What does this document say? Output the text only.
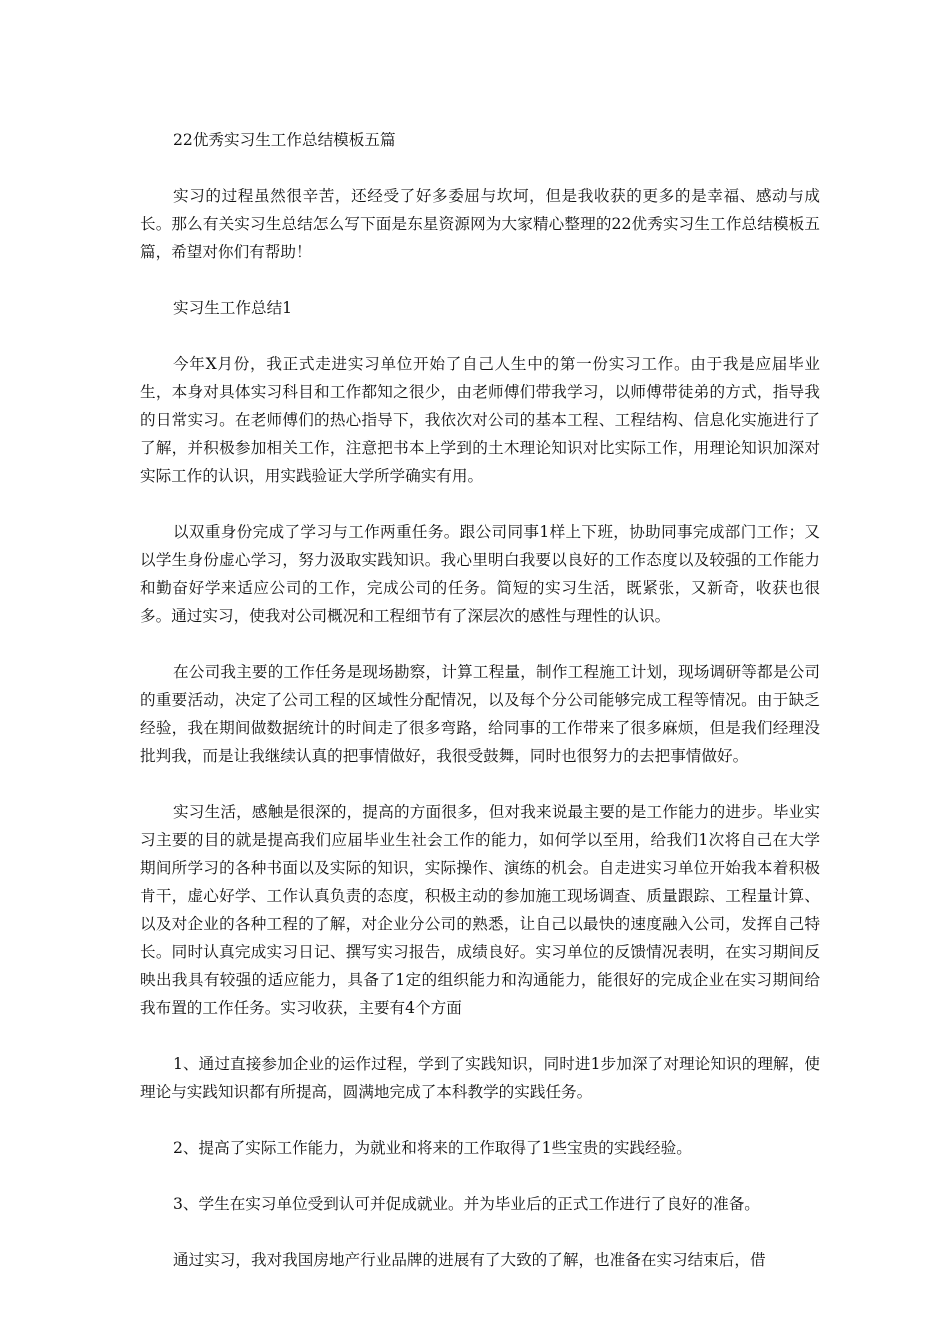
22优秀实习生工作总结模板五篇

实习的过程虽然很辛苦，还经受了好多委屈与坎坷，但是我收获的更多的是幸福、感动与成长。那么有关实习生总结怎么写下面是东星资源网为大家精心整理的22优秀实习生工作总结模板五篇，希望对你们有帮助！

实习生工作总结1

今年X月份，我正式走进实习单位开始了自己人生中的第一份实习工作。由于我是应届毕业生，本身对具体实习科目和工作都知之很少，由老师傅们带我学习，以师傅带徒弟的方式，指导我的日常实习。在老师傅们的热心指导下，我依次对公司的基本工程、工程结构、信息化实施进行了了解，并积极参加相关工作，注意把书本上学到的土木理论知识对比实际工作，用理论知识加深对实际工作的认识，用实践验证大学所学确实有用。

以双重身份完成了学习与工作两重任务。跟公司同事1样上下班，协助同事完成部门工作；又以学生身份虚心学习，努力汲取实践知识。我心里明白我要以良好的工作态度以及较强的工作能力和勤奋好学来适应公司的工作，完成公司的任务。简短的实习生活，既紧张，又新奇，收获也很多。通过实习，使我对公司概况和工程细节有了深层次的感性与理性的认识。

在公司我主要的工作任务是现场勘察，计算工程量，制作工程施工计划，现场调研等都是公司的重要活动，决定了公司工程的区域性分配情况，以及每个分公司能够完成工程等情况。由于缺乏经验，我在期间做数据统计的时间走了很多弯路，给同事的工作带来了很多麻烦，但是我们经理没批判我，而是让我继续认真的把事情做好，我很受鼓舞，同时也很努力的去把事情做好。

实习生活，感触是很深的，提高的方面很多，但对我来说最主要的是工作能力的进步。毕业实习主要的目的就是提高我们应届毕业生社会工作的能力，如何学以至用，给我们1次将自己在大学期间所学习的各种书面以及实际的知识，实际操作、演练的机会。自走进实习单位开始我本着积极肯干，虚心好学、工作认真负责的态度，积极主动的参加施工现场调查、质量跟踪、工程量计算、以及对企业的各种工程的了解，对企业分公司的熟悉，让自己以最快的速度融入公司，发挥自己特长。同时认真完成实习日记、撰写实习报告，成绩良好。实习单位的反馈情况表明，在实习期间反映出我具有较强的适应能力，具备了1定的组织能力和沟通能力，能很好的完成企业在实习期间给我布置的工作任务。实习收获，主要有4个方面

1、通过直接参加企业的运作过程，学到了实践知识，同时进1步加深了对理论知识的理解，使理论与实践知识都有所提高，圆满地完成了本科教学的实践任务。

2、提高了实际工作能力，为就业和将来的工作取得了1些宝贵的实践经验。

3、学生在实习单位受到认可并促成就业。并为毕业后的正式工作进行了良好的准备。

通过实习，我对我国房地产行业品牌的进展有了大致的了解，也准备在实习结束后，借
